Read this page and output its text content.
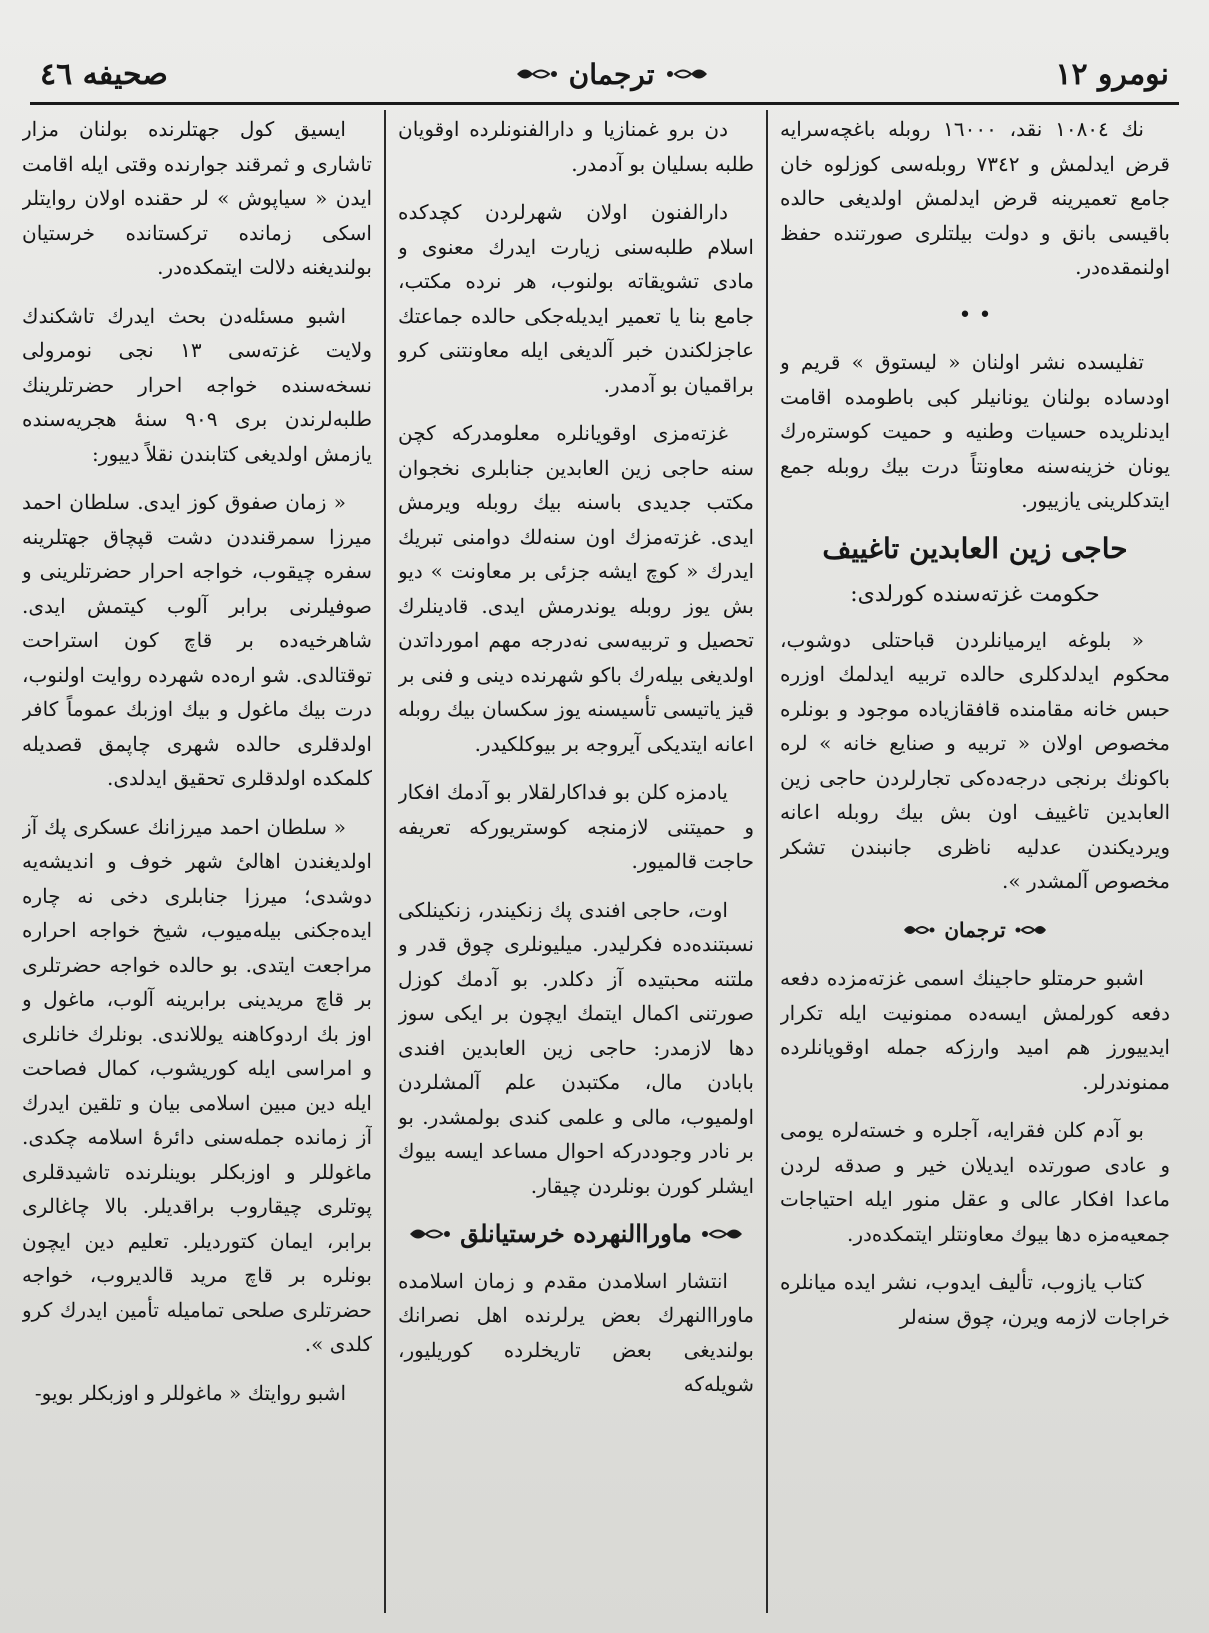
صحیفه ٤٦	ترجمان	نومرو ١٢

نك ١٠٨٠٤ نقد، ١٦٠٠٠ روبله باغچه‌سرایه قرض ایدلمش و ٧٣٤٢ روبله‌سی کوزلوه خان جامع تعمیرینه قرض ایدلمش اولدیغی حالده باقیسی بانق و دولت بیلتلری صورتنده حفظ اولنمقده‌در.

• •

تفلیسده نشر اولنان « لیستوق » قریم و اودساده بولنان یونانیلر کبی باطومده اقامت ایدنلریده حسیات وطنیه و حمیت کوستره‌رك یونان خزینه‌سنه معاونتاً درت بیك روبله جمع ایتدکلرینی یازییور.

حاجی زین العابدین تاغییف
حکومت غزته‌سنده کورلدی:

« بلوغه ایرمیانلردن قباحتلی دوشوب، محکوم ایدلدکلری حالده تربیه ایدلمك اوزره حبس خانه مقامنده قافقازیاده موجود و بونلره مخصوص اولان « تربیه و صنایع خانه » لره باکونك برنجی درجه‌ده‌کی تجارلردن حاجی زین العابدین تاغییف اون بش بیك روبله اعانه ویردیکندن عدلیه ناظری جانبندن تشکر مخصوص آلمشدر ».

ترجمان

اشبو حرمتلو حاجینك اسمی غزته‌مزده دفعه دفعه کورلمش ایسه‌ده ممنونیت ایله تکرار ایدییورز هم امید وارزکه جمله اوقویانلرده ممنوندرلر.

بو آدم کلن فقرایه، آجلره و خسته‌لره یومی و عادی صورتده ایدیلان خیر و صدقه لردن ماعدا افکار عالی و عقل منور ایله احتیاجات جمعیه‌مزه دها بیوك معاونتلر ایتمکده‌در.

کتاب یازوب، تألیف ایدوب، نشر ایده میانلره خراجات لازمه ویرن، چوق سنه‌لر

دن برو غمنازیا و دارالفنونلرده اوقویان طلبه بسلیان بو آدمدر.

دارالفنون اولان شهرلردن کچدکده اسلام طلبه‌سنی زیارت ایدرك معنوی و مادی تشویقاته بولنوب، هر نرده مکتب، جامع بنا یا تعمیر ایدیله‌جکی حالده جماعتك عاجزلکندن خبر آلدیغی ایله معاونتنی کرو براقمیان بو آدمدر.

غزته‌مزی اوقویانلره معلومدرکه کچن سنه حاجی زین العابدین جنابلری نخجوان مکتب جدیدی باسنه بیك روبله ویرمش ایدی. غزته‌مزك اون سنه‌لك دوامنی تبریك ایدرك « کوچ ایشه جزئی بر معاونت » دیو بش یوز روبله یوندرمش ایدی. قادینلرك تحصیل و تربیه‌سی نه‌درجه مهم امورداتدن اولدیغی بیله‌رك باکو شهرنده دینی و فنی بر قیز یاتیسی تأسیسنه یوز سکسان بیك روبله اعانه ایتدیکی آیروجه بر بیوکلکیدر.

یادمزه کلن بو فداکارلقلار بو آدمك افکار و حمیتنی لازمنجه کوستریورکه تعریفه حاجت قالمیور.

اوت، حاجی افندی پك زنکیندر، زنکینلکی نسبتنده‌ده فکرلیدر. میلیونلری چوق قدر و ملتنه محبتیده آز دکلدر. بو آدمك کوزل صورتنی اکمال ایتمك ایچون بر ایکی سوز دها لازمدر: حاجی زین العابدین افندی بابادن مال، مکتبدن علم آلمشلردن اولمیوب، مالی و علمی کندی بولمشدر. بو بر نادر وجوددرکه احوال مساعد ایسه بیوك ایشلر کورن بونلردن چیقار.

ماوراالنهرده خرستیانلق

انتشار اسلامدن مقدم و زمان اسلامده ماوراالنهرك بعض یرلرنده اهل نصرانك بولندیغی بعض تاریخلرده کوریلیور، شویله‌که

ایسیق کول جهتلرنده بولنان مزار تاشاری و ثمرقند جوارنده وقتی ایله اقامت ایدن « سیاپوش » لر حقنده اولان روایتلر اسکی زمانده ترکستانده خرستیان بولندیغنه دلالت ایتمکده‌در.

اشبو مسئله‌دن بحث ایدرك تاشکندك ولایت غزته‌سی ١٣ نجی نومرولی نسخه‌سنده خواجه احرار حضرتلرینك طلبه‌لرندن بری ٩٠٩ سنهٔ هجریه‌سنده یازمش اولدیغی کتابندن نقلاً دییور:

« زمان صفوق کوز ایدی. سلطان احمد میرزا سمرقنددن دشت قپچاق جهتلرینه سفره چیقوب، خواجه احرار حضرتلرینی و صوفیلرنی برابر آلوب کیتمش ایدی. شاهرخیه‌ده بر قاچ کون استراحت توقتالدی. شو اره‌ده شهرده روایت اولنوب، درت بیك ماغول و بیك اوزبك عموماً کافر اولدقلری حالده شهری چاپمق قصدیله کلمکده اولدقلری تحقیق ایدلدی.

« سلطان احمد میرزانك عسکری پك آز اولدیغندن اهالیٔ شهر خوف و اندیشه‌یه دوشدی؛ میرزا جنابلری دخی نه چاره ایده‌جکنی بیله‌میوب، شیخ خواجه احراره مراجعت ایتدی. بو حالده خواجه حضرتلری بر قاچ مریدینی برابرینه آلوب، ماغول و اوز بك اردوکاهنه یوللاندی. بونلرك خانلری و امراسی ایله کوریشوب، کمال فصاحت ایله دین مبین اسلامی بیان و تلقین ایدرك آز زمانده جمله‌سنی دائرهٔ اسلامه چکدی. ماغوللر و اوزبکلر بوینلرنده تاشیدقلری پوتلری چیقاروب براقدیلر. بالا چاغالری برابر، ایمان کتوردیلر. تعلیم دین ایچون بونلره بر قاچ مرید قالدیروب، خواجه حضرتلری صلحی تمامیله تأمین ایدرك کرو کلدی ».

اشبو روایتك « ماغوللر و اوزبکلر بویو-
